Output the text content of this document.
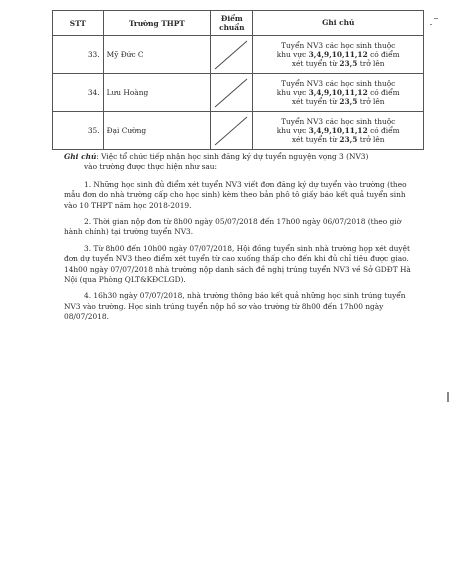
STT	Trường THPT	Điểm chuẩn	Ghi chú
33.	Mỹ Đức C		Tuyển NV3 các học sinh thuộc
khu vực 3,4,9,10,11,12 có điểm
xét tuyển từ 23,5 trở lên

34.	Lưu Hoàng		Tuyển NV3 các học sinh thuộc
khu vực 3,4,9,10,11,12 có điểm
xét tuyển từ 23,5 trở lên

35.	Đại Cường		Tuyển NV3 các học sinh thuộc
khu vực 3,4,9,10,11,12 có điểm
xét tuyển từ 23,5 trở lên

Ghi chú: Việc tổ chức tiếp nhận học sinh đăng ký dự tuyển nguyện vọng 3 (NV3)
vào trường được thực hiện như sau:

1. Những học sinh đủ điểm xét tuyển NV3 viết đơn đăng ký dự tuyển vào trường (theo mẫu đơn do nhà trường cấp cho học sinh) kèm theo bản phô tô giấy báo kết quả tuyển sinh vào 10 THPT năm học 2018-2019.

2. Thời gian nộp đơn từ 8h00 ngày 05/07/2018 đến 17h00 ngày 06/07/2018 (theo giờ hành chính) tại trường tuyển NV3.

3. Từ 8h00 đến 10h00 ngày 07/07/2018, Hội đồng tuyển sinh nhà trường họp xét duyệt đơn dự tuyển NV3 theo điểm xét tuyển từ cao xuống thấp cho đến khi đủ chỉ tiêu được giao. 14h00 ngày 07/07/2018 nhà trường nộp danh sách đề nghị trúng tuyển NV3 về Sở GDĐT Hà Nội (qua Phòng QLT&KĐCLGD).

4. 16h30 ngày 07/07/2018, nhà trường thông báo kết quả những học sinh trúng tuyển NV3 vào trường. Học sinh trúng tuyển nộp hồ sơ vào trường từ 8h00 đến 17h00 ngày 08/07/2018.
